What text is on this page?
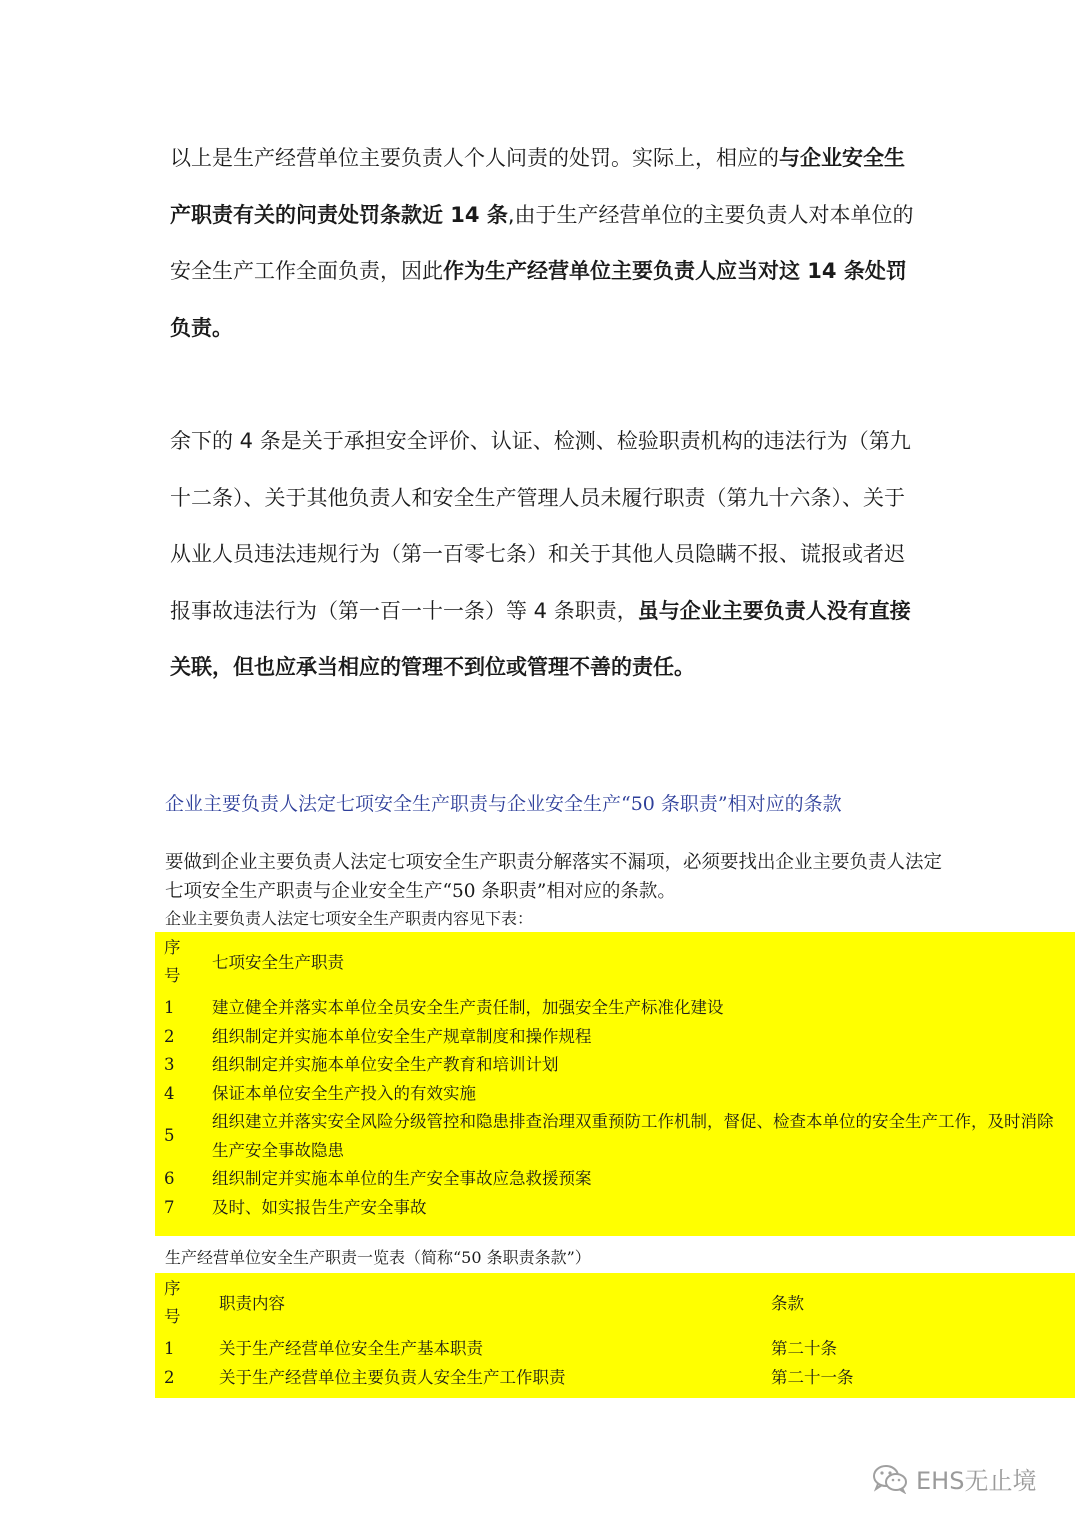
以上是生产经营单位主要负责人个人问责的处罚。实际上，相应的与企业安全生产职责有关的问责处罚条款近 14 条,由于生产经营单位的主要负责人对本单位的安全生产工作全面负责，因此作为生产经营单位主要负责人应当对这 14 条处罚负责。

余下的 4 条是关于承担安全评价、认证、检测、检验职责机构的违法行为（第九十二条）、关于其他负责人和安全生产管理人员未履行职责（第九十六条）、关于从业人员违法违规行为（第一百零七条）和关于其他人员隐瞒不报、谎报或者迟报事故违法行为（第一百一十一条）等 4 条职责，虽与企业主要负责人没有直接关联，但也应承当相应的管理不到位或管理不善的责任。

企业主要负责人法定七项安全生产职责与企业安全生产“50 条职责”相对应的条款

要做到企业主要负责人法定七项安全生产职责分解落实不漏项，必须要找出企业主要负责人法定七项安全生产职责与企业安全生产“50 条职责”相对应的条款。

企业主要负责人法定七项安全生产职责内容见下表：

序号	七项安全生产职责
1	建立健全并落实本单位全员安全生产责任制，加强安全生产标准化建设
2	组织制定并实施本单位安全生产规章制度和操作规程
3	组织制定并实施本单位安全生产教育和培训计划
4	保证本单位安全生产投入的有效实施
5	组织建立并落实安全风险分级管控和隐患排查治理双重预防工作机制，督促、检查本单位的安全生产工作，及时消除生产安全事故隐患
6	组织制定并实施本单位的生产安全事故应急救援预案
7	及时、如实报告生产安全事故

生产经营单位安全生产职责一览表（简称“50 条职责条款”）

序号	职责内容	条款
1	关于生产经营单位安全生产基本职责	第二十条
2	关于生产经营单位主要负责人安全生产工作职责	第二十一条
EHS无止境
